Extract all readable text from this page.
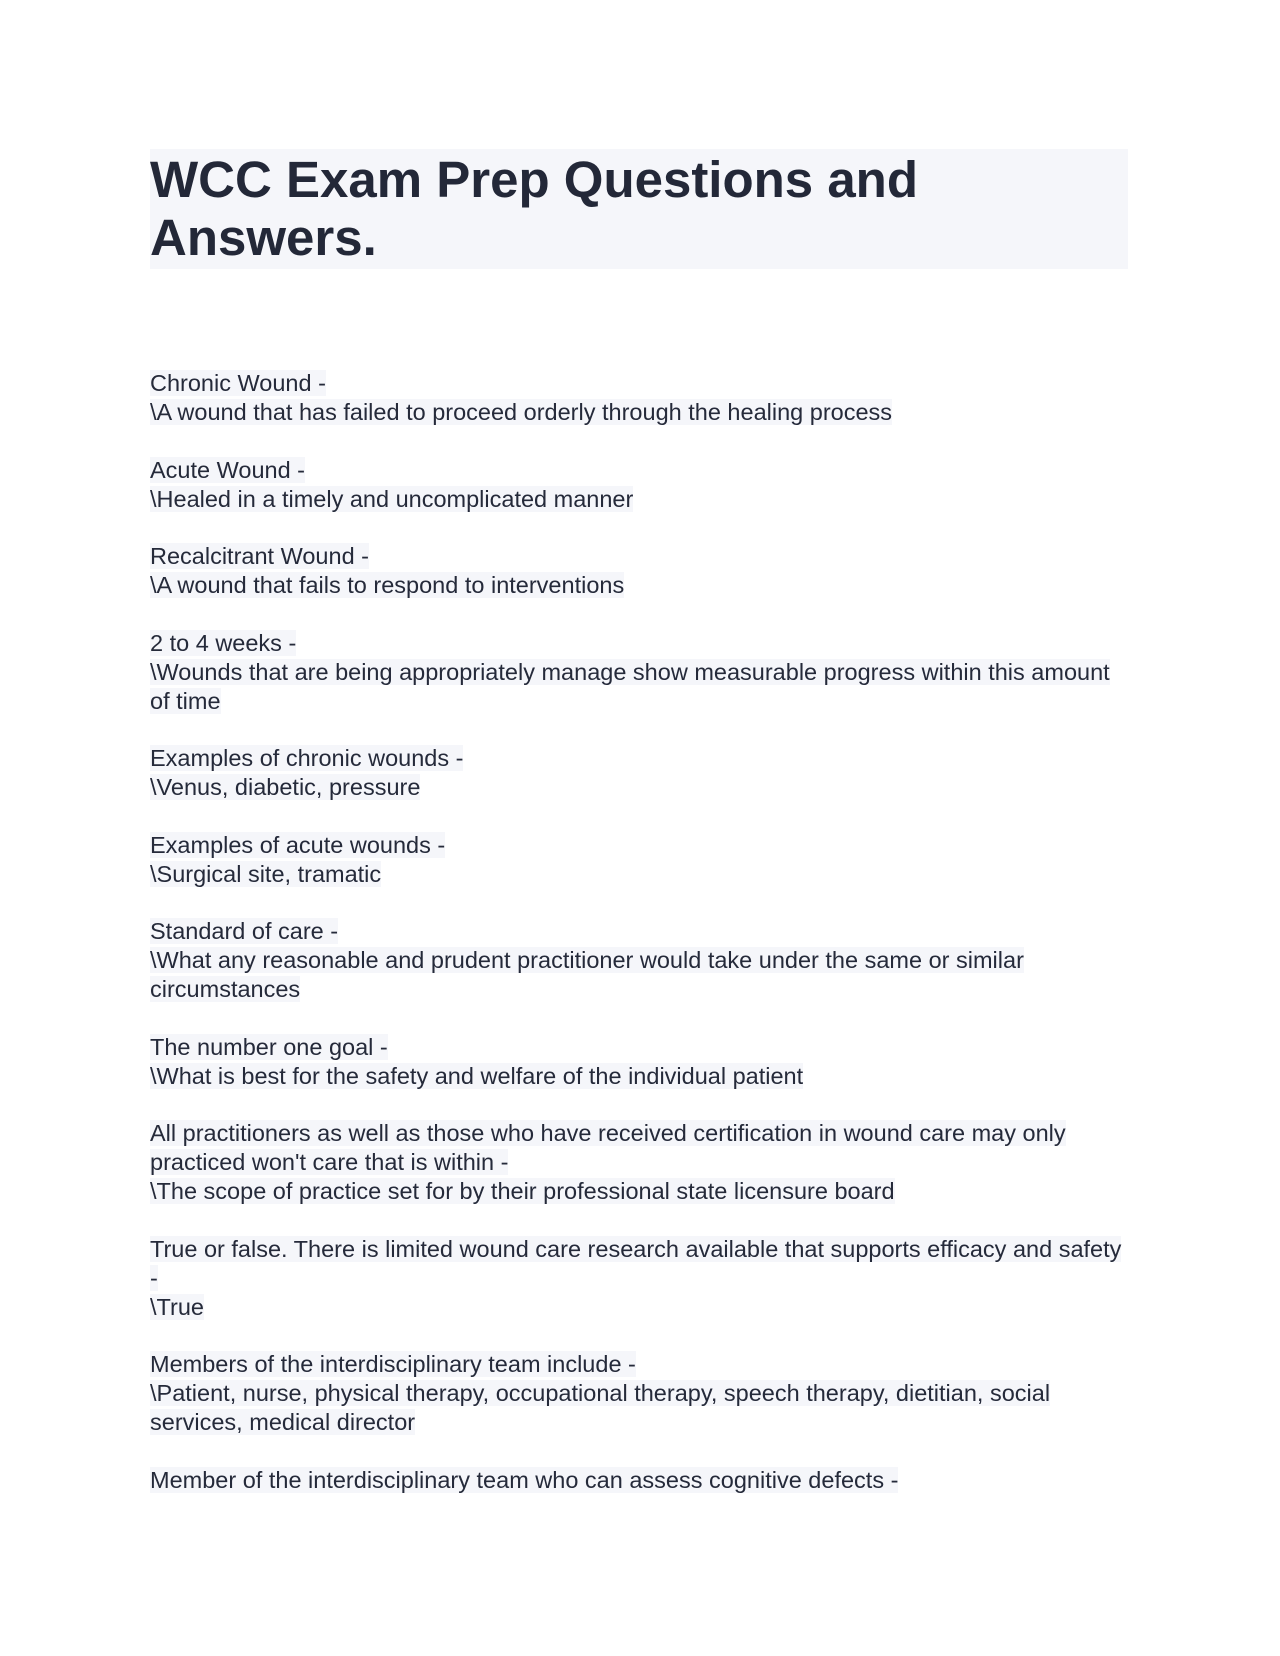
WCC Exam Prep Questions and Answers.
Chronic Wound -
\A wound that has failed to proceed orderly through the healing process
Acute Wound -
\Healed in a timely and uncomplicated manner
Recalcitrant Wound -
\A wound that fails to respond to interventions
2 to 4 weeks -
\Wounds that are being appropriately manage show measurable progress within this amount of time
Examples of chronic wounds -
\Venus, diabetic, pressure
Examples of acute wounds -
\Surgical site, tramatic
Standard of care -
\What any reasonable and prudent practitioner would take under the same or similar circumstances
The number one goal -
\What is best for the safety and welfare of the individual patient
All practitioners as well as those who have received certification in wound care may only practiced won't care that is within -
\The scope of practice set for by their professional state licensure board
True or false. There is limited wound care research available that supports efficacy and safety -
\True
Members of the interdisciplinary team include -
\Patient, nurse, physical therapy, occupational therapy, speech therapy, dietitian, social services, medical director
Member of the interdisciplinary team who can assess cognitive defects -
